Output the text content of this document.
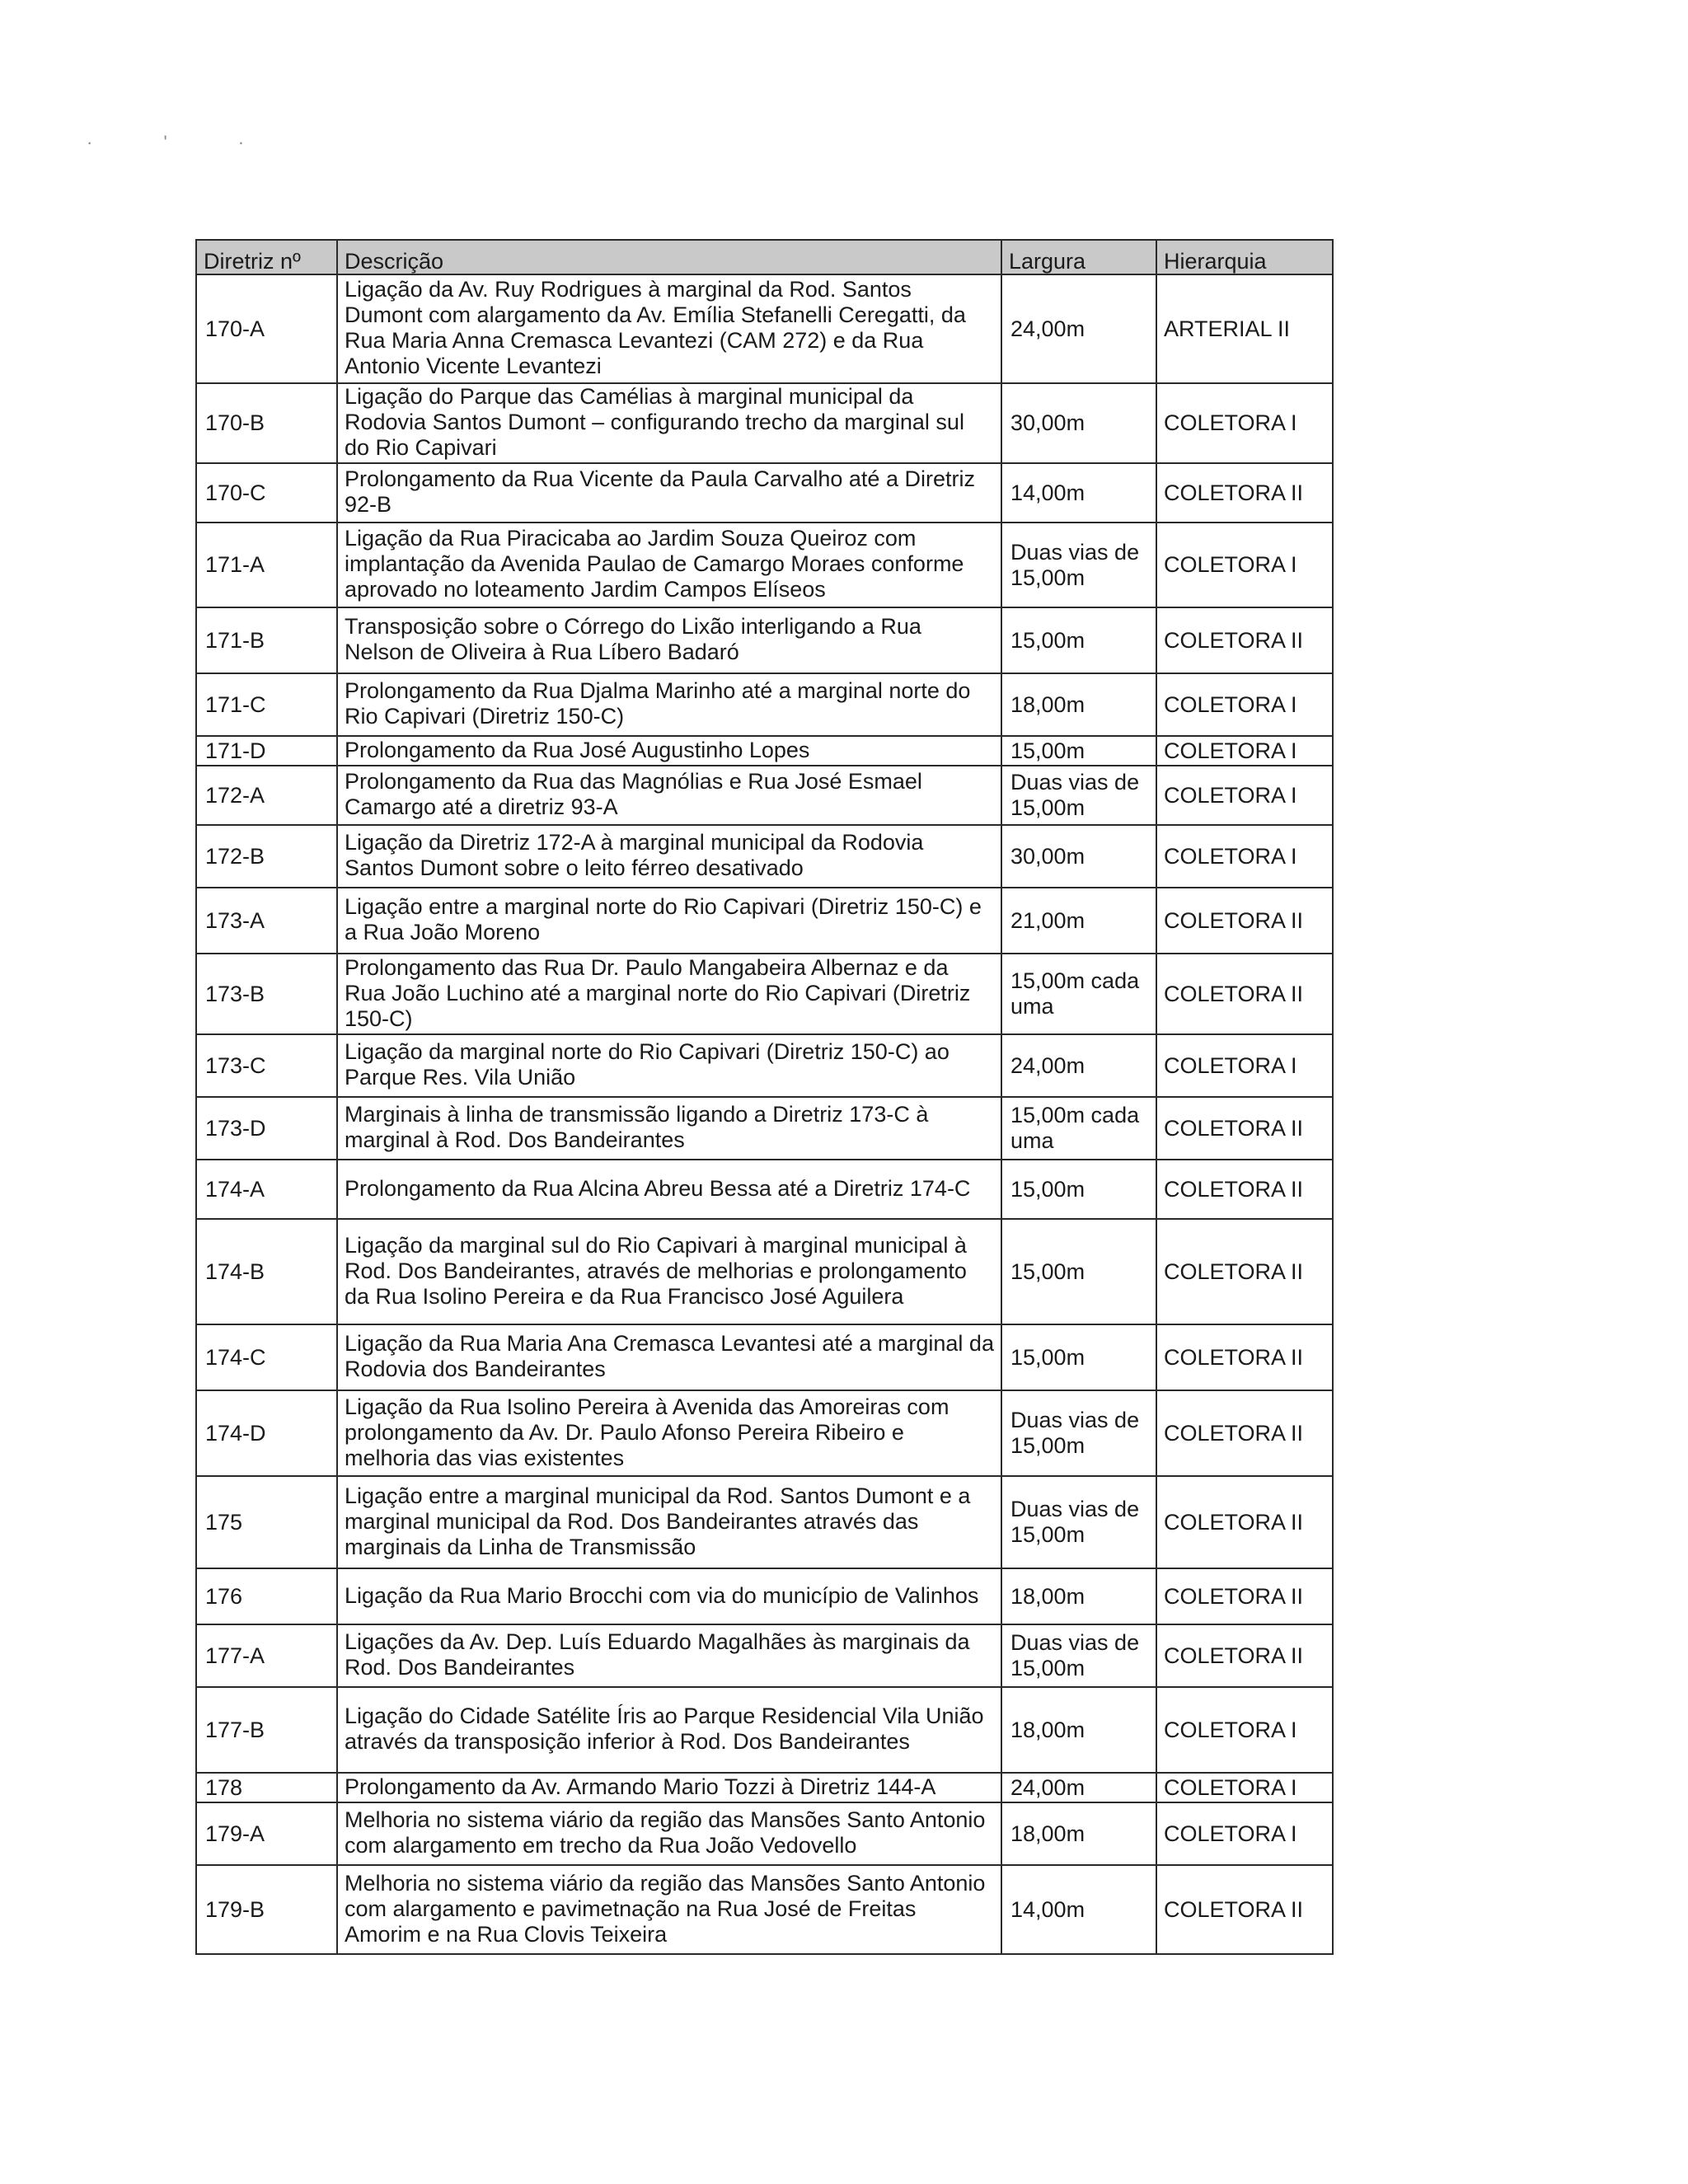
· ' ·
Diretriz nº	Descrição	Largura	Hierarquia
170-A	Ligação da Av. Ruy Rodrigues à marginal da Rod. Santos Dumont com alargamento da Av. Emília Stefanelli Ceregatti, da Rua Maria Anna Cremasca Levantezi (CAM 272) e da Rua Antonio Vicente Levantezi	24,00m	ARTERIAL II
170-B	Ligação do Parque das Camélias à marginal municipal da Rodovia Santos Dumont – configurando trecho da marginal sul do Rio Capivari	30,00m	COLETORA I
170-C	Prolongamento da Rua Vicente da Paula Carvalho até a Diretriz 92-B	14,00m	COLETORA II
171-A	Ligação da Rua Piracicaba ao Jardim Souza Queiroz com implantação da Avenida Paulao de Camargo Moraes conforme aprovado no loteamento Jardim Campos Elíseos	Duas vias de 15,00m	COLETORA I
171-B	Transposição sobre o Córrego do Lixão interligando a Rua Nelson de Oliveira à Rua Líbero Badaró	15,00m	COLETORA II
171-C	Prolongamento da Rua Djalma Marinho até a marginal norte do Rio Capivari (Diretriz 150-C)	18,00m	COLETORA I
171-D	Prolongamento da Rua José Augustinho Lopes	15,00m	COLETORA I
172-A	Prolongamento da Rua das Magnólias e Rua José Esmael Camargo até a diretriz 93-A	Duas vias de 15,00m	COLETORA I
172-B	Ligação da Diretriz 172-A à marginal municipal da Rodovia Santos Dumont sobre o leito férreo desativado	30,00m	COLETORA I
173-A	Ligação entre a marginal norte do Rio Capivari (Diretriz 150-C) e a Rua João Moreno	21,00m	COLETORA II
173-B	Prolongamento das Rua Dr. Paulo Mangabeira Albernaz e da Rua João Luchino até a marginal norte do Rio Capivari (Diretriz 150-C)	15,00m cada uma	COLETORA II
173-C	Ligação da marginal norte do Rio Capivari (Diretriz 150-C) ao Parque Res. Vila União	24,00m	COLETORA I
173-D	Marginais à linha de transmissão ligando a Diretriz 173-C à marginal à Rod. Dos Bandeirantes	15,00m cada uma	COLETORA II
174-A	Prolongamento da Rua Alcina Abreu Bessa até a Diretriz 174-C	15,00m	COLETORA II
174-B	Ligação da marginal sul do Rio Capivari à marginal municipal à Rod. Dos Bandeirantes, através de melhorias e prolongamento da Rua Isolino Pereira e da Rua Francisco José Aguilera	15,00m	COLETORA II
174-C	Ligação da Rua Maria Ana Cremasca Levantesi até a marginal da Rodovia dos Bandeirantes	15,00m	COLETORA II
174-D	Ligação da Rua Isolino Pereira à Avenida das Amoreiras com prolongamento da Av. Dr. Paulo Afonso Pereira Ribeiro e melhoria das vias existentes	Duas vias de 15,00m	COLETORA II
175	Ligação entre a marginal municipal da Rod. Santos Dumont e a marginal municipal da Rod. Dos Bandeirantes através das marginais da Linha de Transmissão	Duas vias de 15,00m	COLETORA II
176	Ligação da Rua Mario Brocchi com via do município de Valinhos	18,00m	COLETORA II
177-A	Ligações da Av. Dep. Luís Eduardo Magalhães às marginais da Rod. Dos Bandeirantes	Duas vias de 15,00m	COLETORA II
177-B	Ligação do Cidade Satélite Íris ao Parque Residencial Vila União através da transposição inferior à Rod. Dos Bandeirantes	18,00m	COLETORA I
178	Prolongamento da Av. Armando Mario Tozzi à Diretriz 144-A	24,00m	COLETORA I
179-A	Melhoria no sistema viário da região das Mansões Santo Antonio com alargamento em trecho da Rua João Vedovello	18,00m	COLETORA I
179-B	Melhoria no sistema viário da região das Mansões Santo Antonio com alargamento e pavimetnação na Rua José de Freitas Amorim e na Rua Clovis Teixeira	14,00m	COLETORA II
